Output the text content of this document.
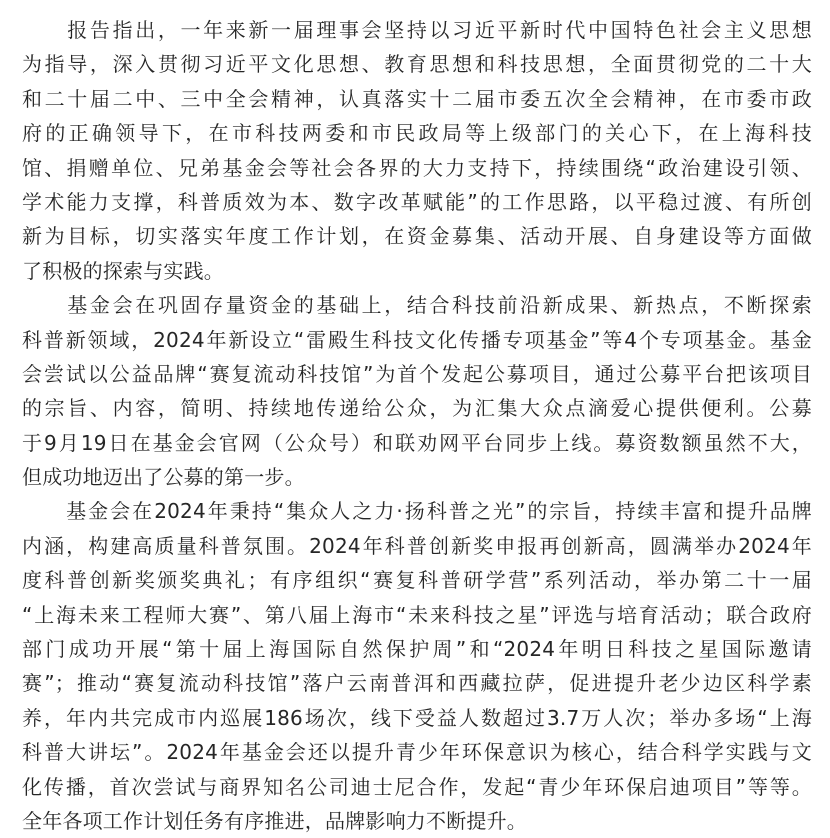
　　报告指出，一年来新一届理事会坚持以习近平新时代中国特色社会主义思想
为指导，深入贯彻习近平文化思想、教育思想和科技思想，全面贯彻党的二十大
和二十届二中、三中全会精神，认真落实十二届市委五次全会精神，在市委市政
府的正确领导下，在市科技两委和市民政局等上级部门的关心下，在上海科技
馆、捐赠单位、兄弟基金会等社会各界的大力支持下，持续围绕“政治建设引领、
学术能力支撑，科普质效为本、数字改革赋能”的工作思路，以平稳过渡、有所创
新为目标，切实落实年度工作计划，在资金募集、活动开展、自身建设等方面做
了积极的探索与实践。
　　基金会在巩固存量资金的基础上，结合科技前沿新成果、新热点，不断探索
科普新领域，2024年新设立“雷殿生科技文化传播专项基金”等4个专项基金。基金
会尝试以公益品牌“赛复流动科技馆”为首个发起公募项目，通过公募平台把该项目
的宗旨、内容，简明、持续地传递给公众，为汇集大众点滴爱心提供便利。公募
于9月19日在基金会官网（公众号）和联劝网平台同步上线。募资数额虽然不大，
但成功地迈出了公募的第一步。
　　基金会在2024年秉持“集众人之力·扬科普之光”的宗旨，持续丰富和提升品牌
内涵，构建高质量科普氛围。2024年科普创新奖申报再创新高，圆满举办2024年
度科普创新奖颁奖典礼；有序组织“赛复科普研学营”系列活动，举办第二十一届
“上海未来工程师大赛”、第八届上海市“未来科技之星”评选与培育活动；联合政府
部门成功开展“第十届上海国际自然保护周”和“2024年明日科技之星国际邀请
赛”；推动“赛复流动科技馆”落户云南普洱和西藏拉萨，促进提升老少边区科学素
养，年内共完成市内巡展186场次，线下受益人数超过3.7万人次；举办多场“上海
科普大讲坛”。2024年基金会还以提升青少年环保意识为核心，结合科学实践与文
化传播，首次尝试与商界知名公司迪士尼合作，发起“青少年环保启迪项目”等等。
全年各项工作计划任务有序推进，品牌影响力不断提升。
